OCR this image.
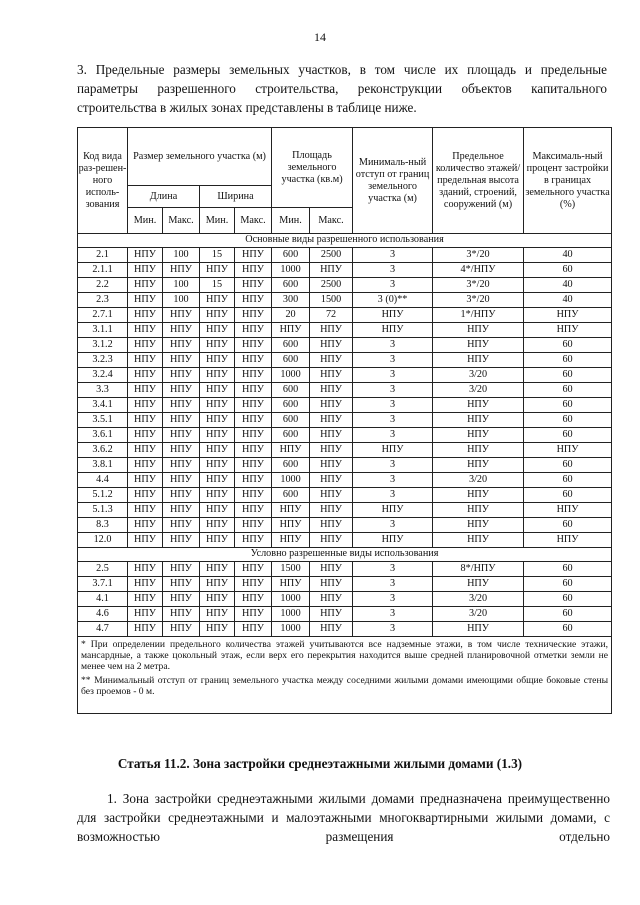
14

3. Предельные размеры земельных участков, в том числе их площадь и предельные параметры разрешенного строительства, реконструкции объектов капитального строительства в жилых зонах представлены в таблице ниже.

Код вида раз-решен-ного исполь-зования	Размер земельного участка (м)				Площадь земельного участка (кв.м)		Минималь-ный отступ от границ земельного участка (м)	Предельное количество этажей/ предельная высота зданий, строений, сооружений (м)	Максималь-ный процент застройки в границах земельного участка (%)
	Длина		Ширина						
	Мин.	Макс.	Мин.	Макс.	Мин.	Макс.			
Основные виды разрешенного использования									
2.1	НПУ	100	15	НПУ	600	2500	3	3*/20	40
2.1.1	НПУ	НПУ	НПУ	НПУ	1000	НПУ	3	4*/НПУ	60
2.2	НПУ	100	15	НПУ	600	2500	3	3*/20	40
2.3	НПУ	100	НПУ	НПУ	300	1500	3 (0)**	3*/20	40
2.7.1	НПУ	НПУ	НПУ	НПУ	20	72	НПУ	1*/НПУ	НПУ
3.1.1	НПУ	НПУ	НПУ	НПУ	НПУ	НПУ	НПУ	НПУ	НПУ
3.1.2	НПУ	НПУ	НПУ	НПУ	600	НПУ	3	НПУ	60
3.2.3	НПУ	НПУ	НПУ	НПУ	600	НПУ	3	НПУ	60
3.2.4	НПУ	НПУ	НПУ	НПУ	1000	НПУ	3	3/20	60
3.3	НПУ	НПУ	НПУ	НПУ	600	НПУ	3	3/20	60
3.4.1	НПУ	НПУ	НПУ	НПУ	600	НПУ	3	НПУ	60
3.5.1	НПУ	НПУ	НПУ	НПУ	600	НПУ	3	НПУ	60
3.6.1	НПУ	НПУ	НПУ	НПУ	600	НПУ	3	НПУ	60
3.6.2	НПУ	НПУ	НПУ	НПУ	НПУ	НПУ	НПУ	НПУ	НПУ
3.8.1	НПУ	НПУ	НПУ	НПУ	600	НПУ	3	НПУ	60
4.4	НПУ	НПУ	НПУ	НПУ	1000	НПУ	3	3/20	60
5.1.2	НПУ	НПУ	НПУ	НПУ	600	НПУ	3	НПУ	60
5.1.3	НПУ	НПУ	НПУ	НПУ	НПУ	НПУ	НПУ	НПУ	НПУ
8.3	НПУ	НПУ	НПУ	НПУ	НПУ	НПУ	3	НПУ	60
12.0	НПУ	НПУ	НПУ	НПУ	НПУ	НПУ	НПУ	НПУ	НПУ
Условно разрешенные виды использования									
2.5	НПУ	НПУ	НПУ	НПУ	1500	НПУ	3	8*/НПУ	60
3.7.1	НПУ	НПУ	НПУ	НПУ	НПУ	НПУ	3	НПУ	60
4.1	НПУ	НПУ	НПУ	НПУ	1000	НПУ	3	3/20	60
4.6	НПУ	НПУ	НПУ	НПУ	1000	НПУ	3	3/20	60
4.7	НПУ	НПУ	НПУ	НПУ	1000	НПУ	3	НПУ	60

* При определении предельного количества этажей учитываются все надземные этажи, в том числе технические этажи, мансардные, а также цокольный этаж, если верх его перекрытия находится выше средней планировочной отметки земли не менее чем на 2 метра.

** Минимальный отступ от границ земельного участка между соседними жилыми домами имеющими общие боковые стены без проемов - 0 м.									

Статья 11.2. Зона застройки среднеэтажными жилыми домами (1.3)

1. Зона застройки среднеэтажными жилыми домами предназначена преимущественно для застройки среднеэтажными и малоэтажными многоквартирными жилыми домами, с возможностью размещения отдельно
